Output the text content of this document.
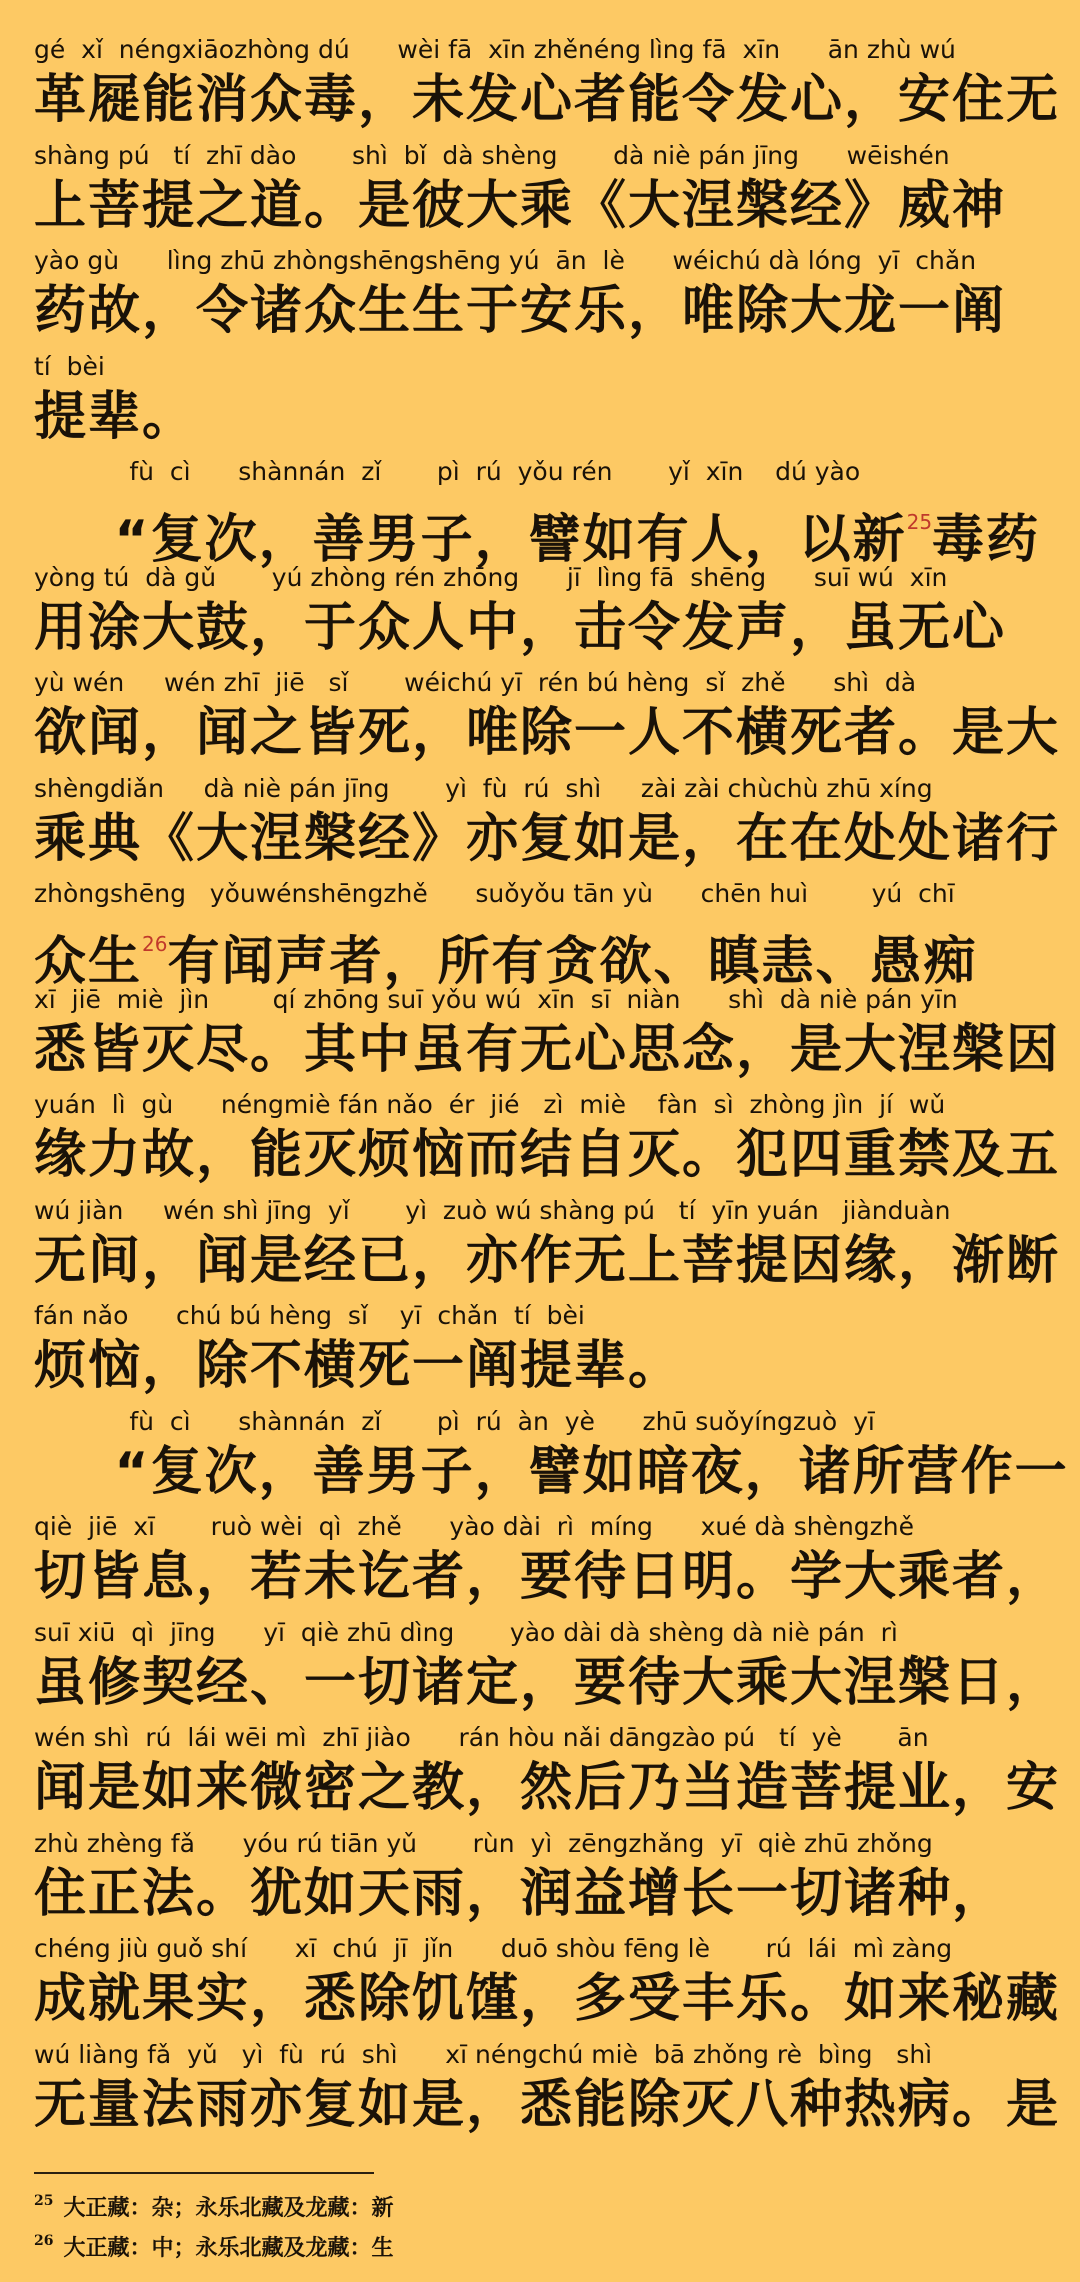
gé  xǐ  néngxiāozhòng dú      wèi fā  xīn zhěnéng lìng fā  xīn      ān zhù wú
革屣能消众毒，未发心者能令发心，安住无
shàng pú   tí  zhī dào       shì  bǐ  dà shèng       dà niè pán jīng      wēishén
上菩提之道。是彼大乘《大涅槃经》威神
yào gù      lìng zhū zhòngshēngshēng yú  ān  lè      wéichú dà lóng  yī  chǎn
药故，令诸众生生于安乐，唯除大龙一阐
tí  bèi
提辈。
fù  cì      shànnán  zǐ       pì  rú  yǒu rén       yǐ  xīn    dú yào
“复次，善男子，譬如有人，以新$^{25}$毒药
yòng tú  dà gǔ       yú zhòng rén zhōng      jī  lìng fā  shēng      suī wú  xīn
用涂大鼓，于众人中，击令发声，虽无心
yù wén     wén zhī  jiē   sǐ       wéichú yī  rén bú hèng  sǐ  zhě      shì  dà
欲闻，闻之皆死，唯除一人不横死者。是大
shèngdiǎn     dà niè pán jīng       yì  fù  rú  shì     zài zài chùchù zhū xíng
乘典《大涅槃经》亦复如是，在在处处诸行
zhòngshēng   yǒuwénshēngzhě      suǒyǒu tān yù      chēn huì        yú  chī
众生$^{26}$有闻声者，所有贪欲、瞋恚、愚痴
xī  jiē  miè  jìn        qí zhōng suī yǒu wú  xīn  sī  niàn      shì  dà niè pán yīn
悉皆灭尽。其中虽有无心思念，是大涅槃因
yuán  lì  gù      néngmiè fán nǎo  ér  jié   zì  miè    fàn  sì  zhòng jìn  jí  wǔ
缘力故，能灭烦恼而结自灭。犯四重禁及五
wú jiàn     wén shì jīng  yǐ       yì  zuò wú shàng pú   tí  yīn yuán   jiànduàn
无间，闻是经已，亦作无上菩提因缘，渐断
fán nǎo      chú bú hèng  sǐ    yī  chǎn  tí  bèi
烦恼，除不横死一阐提辈。
fù  cì      shànnán  zǐ       pì  rú  àn  yè      zhū suǒyíngzuò  yī
“复次，善男子，譬如暗夜，诸所营作一
qiè  jiē  xī       ruò wèi  qì  zhě      yào dài  rì  míng      xué dà shèngzhě
切皆息，若未讫者，要待日明。学大乘者，
suī xiū  qì  jīng      yī  qiè zhū dìng       yào dài dà shèng dà niè pán  rì
虽修契经、一切诸定，要待大乘大涅槃日，
wén shì  rú  lái wēi mì  zhī jiào      rán hòu nǎi dāngzào pú   tí  yè       ān
闻是如来微密之教，然后乃当造菩提业，安
zhù zhèng fǎ      yóu rú tiān yǔ       rùn  yì  zēngzhǎng  yī  qiè zhū zhǒng
住正法。犹如天雨，润益增长一切诸种，
chéng jiù guǒ shí      xī  chú  jī  jǐn      duō shòu fēng lè       rú  lái  mì zàng
成就果实，悉除饥馑，多受丰乐。如来秘藏
wú liàng fǎ  yǔ   yì  fù  rú  shì      xī néngchú miè  bā zhǒng rè  bìng   shì
无量法雨亦复如是，悉能除灭八种热病。是
$^{25}$ 大正藏：杂；永乐北藏及龙藏：新
$^{26}$ 大正藏：中；永乐北藏及龙藏：生
